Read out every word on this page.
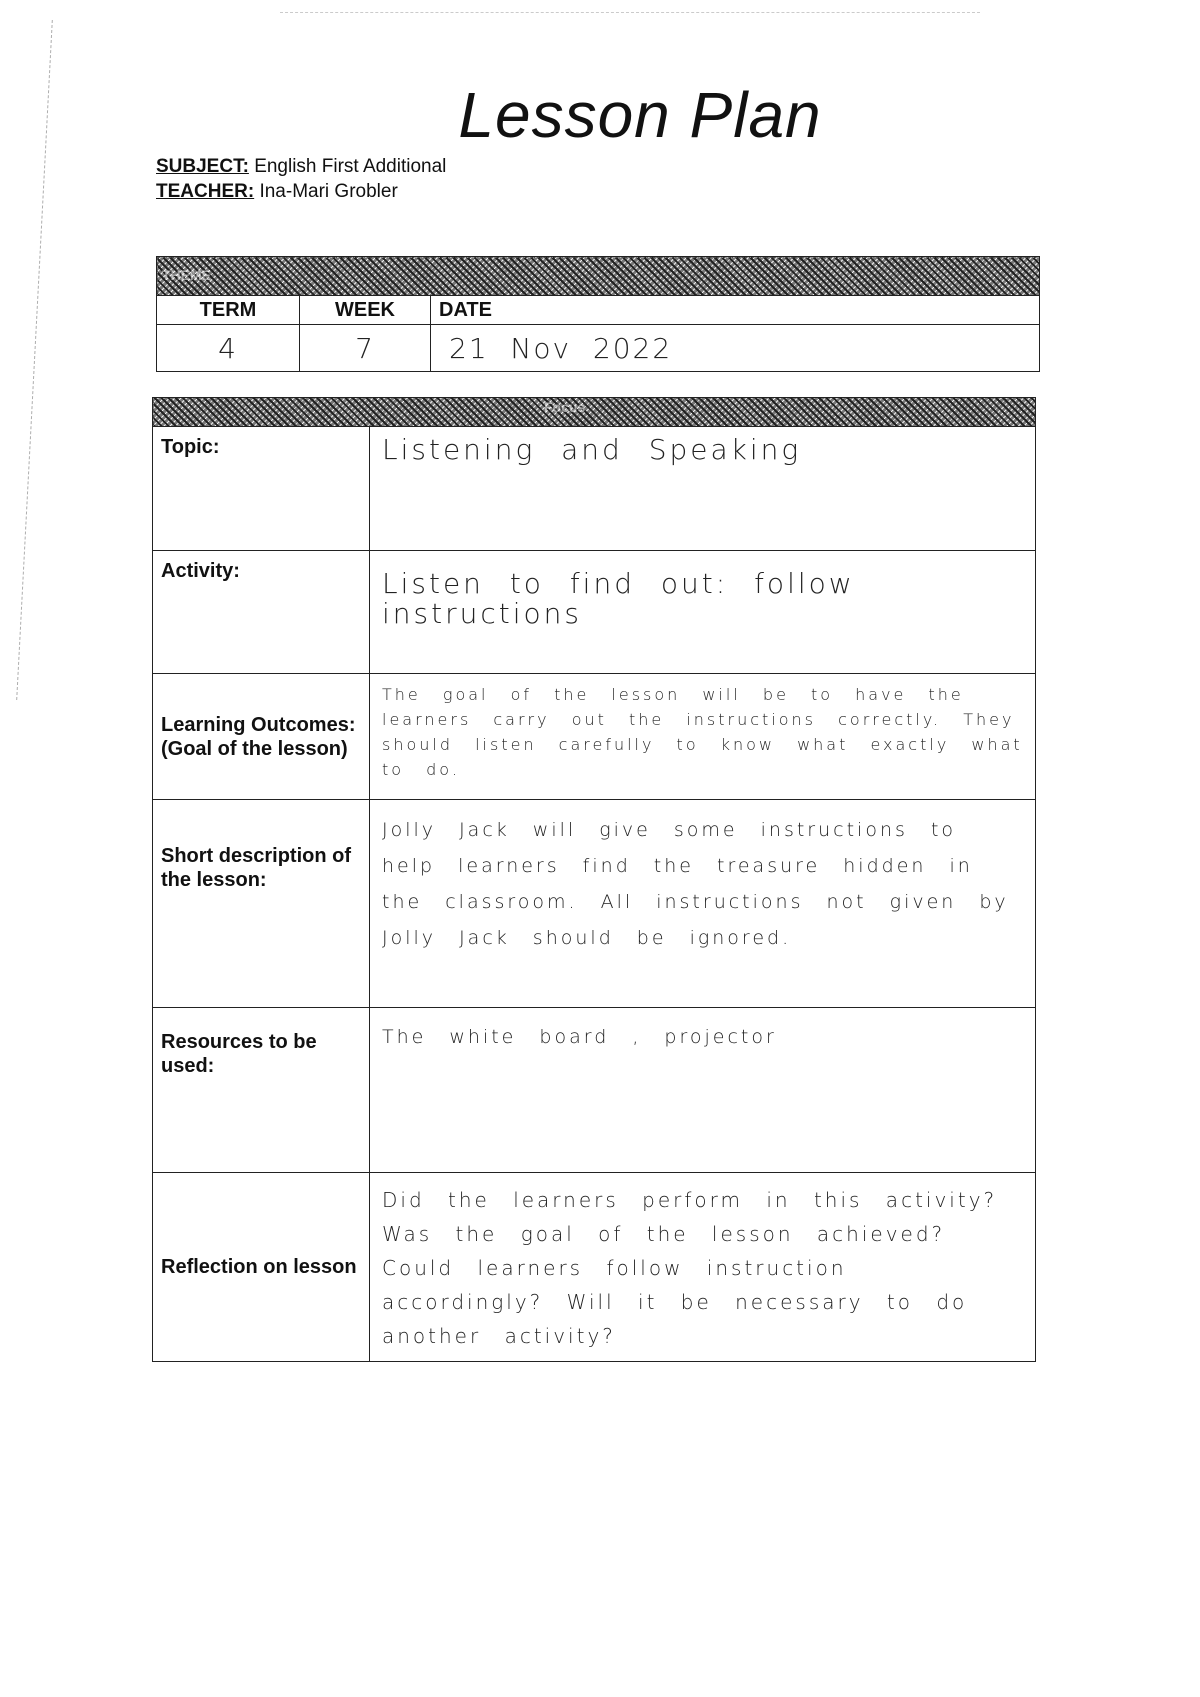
Lesson Plan
SUBJECT: English First Additional
TEACHER: Ina-Mari Grobler
THEME		
TERM	WEEK	DATE
4	7	21  Nov  2022
Focus	
Topic:	Listening and Speaking
Activity:	Listen to find out: follow instructions
Learning Outcomes: (Goal of the lesson)	The goal of the lesson will be to have the learners carry out the instructions correctly. They should listen carefully to know what exactly what to do.
Short description of the lesson:	Jolly Jack will give some instructions to help learners find the treasure hidden in the classroom. All instructions not given by Jolly Jack should be ignored.
Resources to be used:	The white board , projector
Reflection on lesson	Did the learners perform in this activity? Was the goal of the lesson achieved? Could learners follow instruction accordingly? Will it be necessary to do another activity?
